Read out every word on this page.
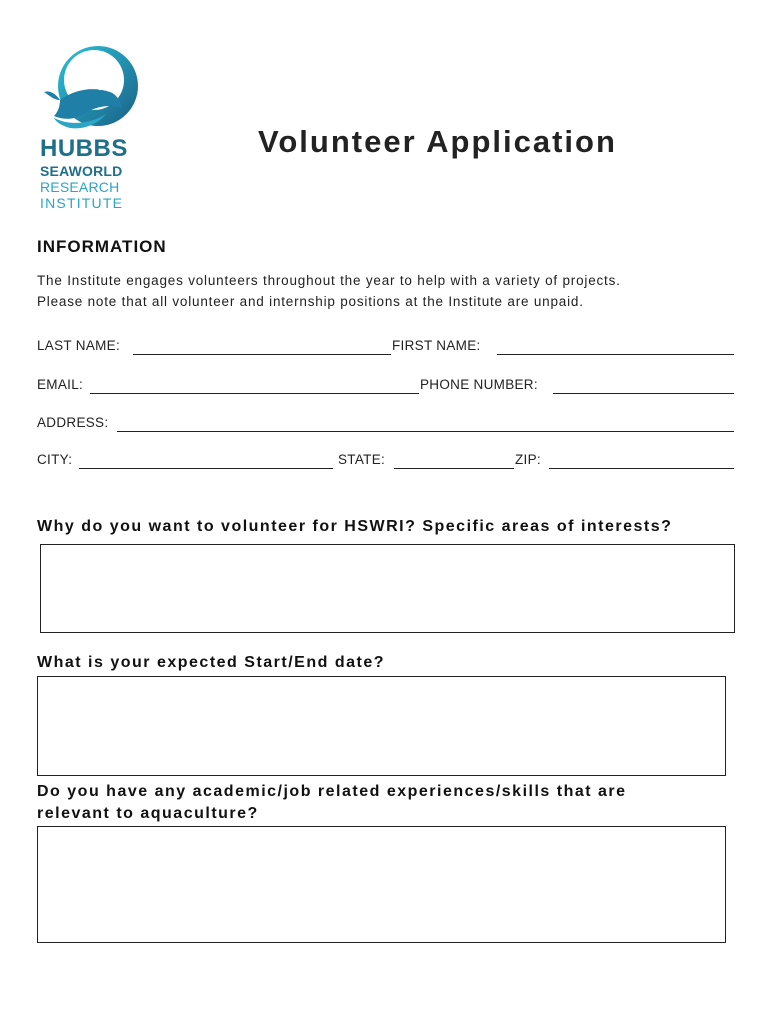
HUBBS
SEAWORLD
RESEARCH
INSTITUTE
Volunteer Application
INFORMATION
The Institute engages volunteers throughout the year to help with a variety of projects.
Please note that all volunteer and internship positions at the Institute are unpaid.
LAST NAME:	FIRST NAME:
EMAIL:	PHONE NUMBER:
ADDRESS:
CITY:	STATE:	ZIP:
Why do you want to volunteer for HSWRI? Specific areas of interests?
What is your expected Start/End date?
Do you have any academic/job related experiences/skills that are
relevant to aquaculture?
